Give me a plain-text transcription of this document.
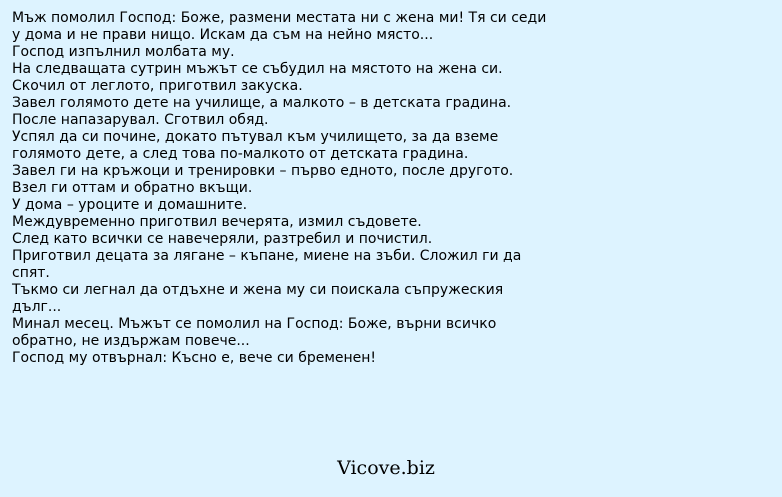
Мъж помолил Господ: Боже, размени местата ни с жена ми! Тя си седи
у дома и не прави нищо. Искам да съм на нейно място...
Господ изпълнил молбата му.
На следващата сутрин мъжът се събудил на мястото на жена си.
Скочил от леглото, приготвил закуска.
Завел голямото дете на училище, а малкото – в детската градина.
После напазарувал. Сготвил обяд.
Успял да си почине, докато пътувал към училището, за да вземе
голямото дете, а след това по-малкото от детската градина.
Завел ги на кръжоци и тренировки – първо едното, после другото.
Взел ги оттам и обратно вкъщи.
У дома – уроците и домашните.
Междувременно приготвил вечерята, измил съдовете.
След като всички се навечеряли, разтребил и почистил.
Приготвил децата за лягане – къпане, миене на зъби. Сложил ги да
спят.
Тъкмо си легнал да отдъхне и жена му си поискала съпружеския
дълг...
Минал месец. Мъжът се помолил на Господ: Боже, върни всичко
обратно, не издържам повече...
Господ му отвърнал: Късно е, вече си бременен!
Vicove.biz
